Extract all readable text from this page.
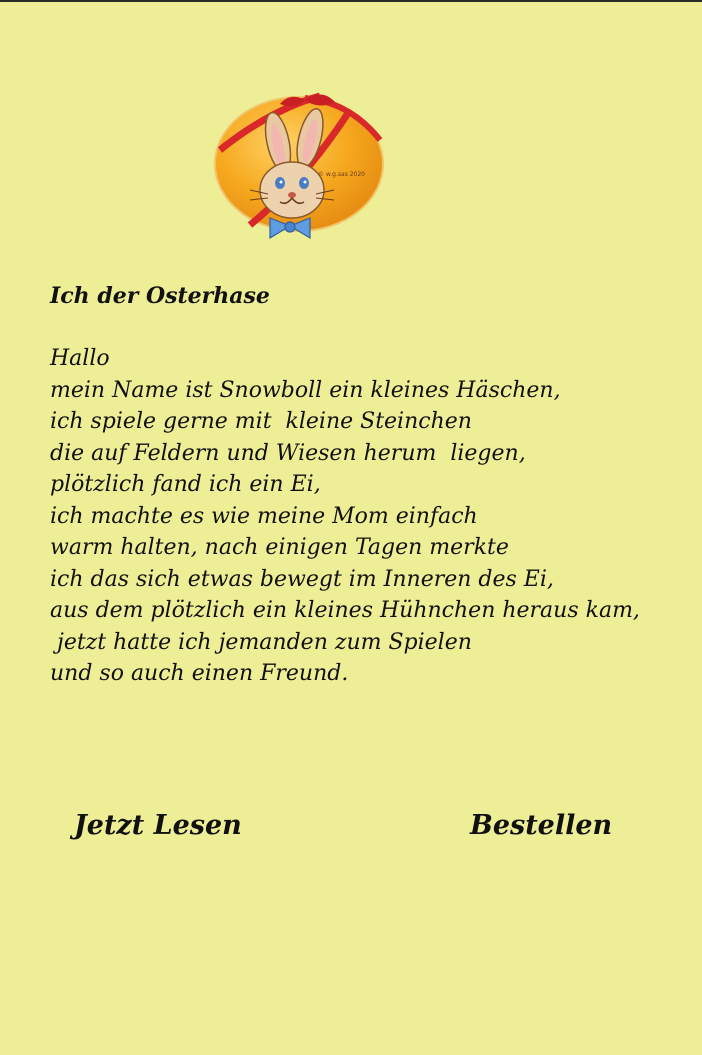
© w.g.sas 2020
Ich der Osterhase
Hallo
mein Name ist Snowboll ein kleines Häschen,
ich spiele gerne mit  kleine Steinchen
die auf Feldern und Wiesen herum  liegen,
plötzlich fand ich ein Ei,
ich machte es wie meine Mom einfach
warm halten, nach einigen Tagen merkte
ich das sich etwas bewegt im Inneren des Ei,
aus dem plötzlich ein kleines Hühnchen heraus kam,
jetzt hatte ich jemanden zum Spielen
und so auch einen Freund.
Jetzt Lesen	Bestellen
